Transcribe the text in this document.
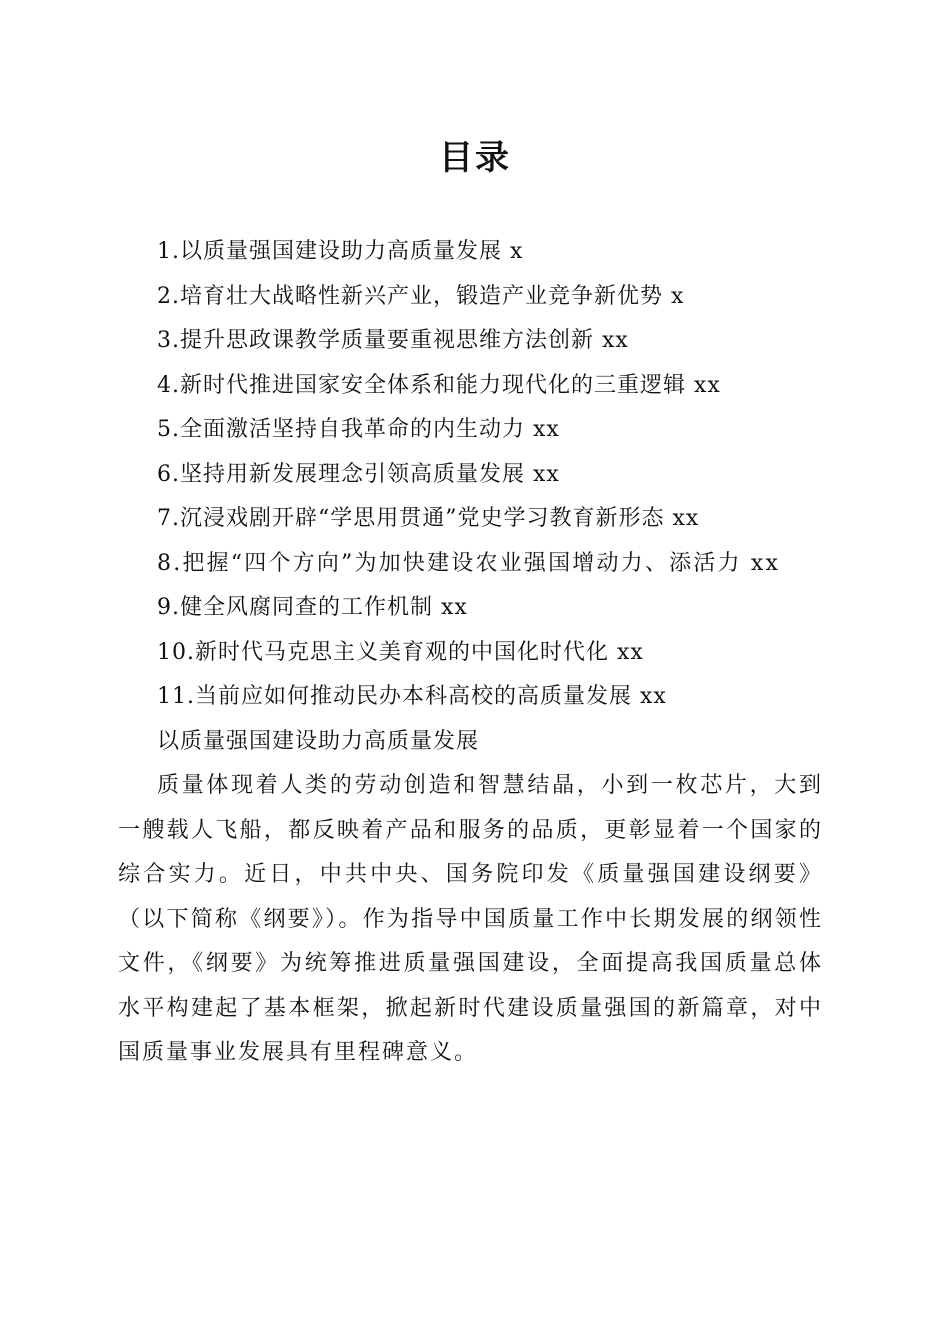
目录
1.以质量强国建设助力高质量发展 x
2.培育壮大战略性新兴产业，锻造产业竞争新优势 x
3.提升思政课教学质量要重视思维方法创新 xx
4.新时代推进国家安全体系和能力现代化的三重逻辑 xx
5.全面激活坚持自我革命的内生动力 xx
6.坚持用新发展理念引领高质量发展 xx
7.沉浸戏剧开辟“学思用贯通”党史学习教育新形态 xx
8.把握“四个方向”为加快建设农业强国增动力、添活力 xx
9.健全风腐同查的工作机制 xx
10.新时代马克思主义美育观的中国化时代化 xx
11.当前应如何推动民办本科高校的高质量发展 xx
以质量强国建设助力高质量发展
质量体现着人类的劳动创造和智慧结晶，小到一枚芯片，大到一艘载人飞船，都反映着产品和服务的品质，更彰显着一个国家的综合实力。近日，中共中央、国务院印发《质量强国建设纲要》（以下简称《纲要》）。作为指导中国质量工作中长期发展的纲领性文件，《纲要》为统筹推进质量强国建设，全面提高我国质量总体水平构建起了基本框架，掀起新时代建设质量强国的新篇章，对中国质量事业发展具有里程碑意义。
